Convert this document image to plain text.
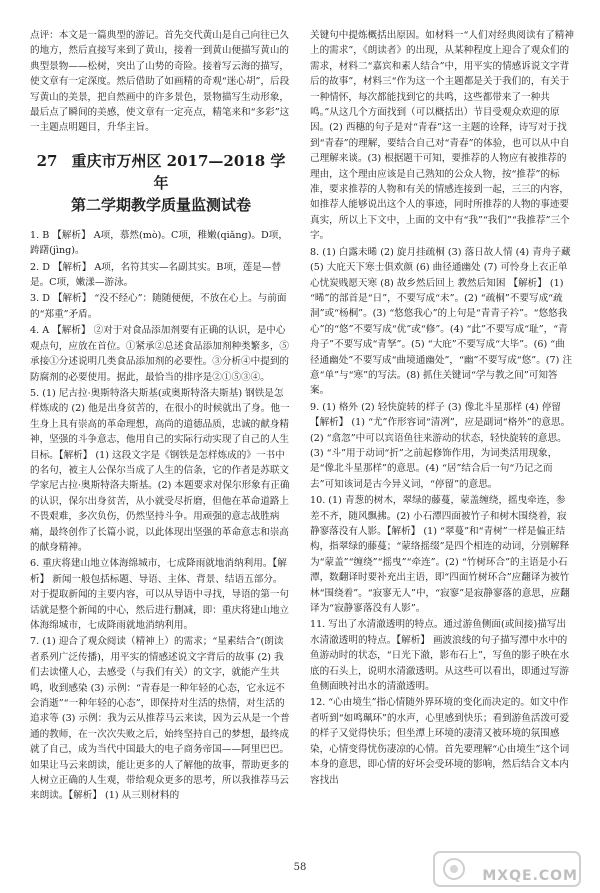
点评：本文是一篇典型的游记。首先交代黄山是自己向往已久的地方，然后直接写来到了黄山，接着一到黄山便描写黄山的典型景物——松树，突出了山势的奇险。接着写云海的描写，使文章有一定深度。然后借助了如画精的奇观“迷心胡”，后段写黄山的美景，把自然画中的许多景色，景物描写生动形象，最后点了瞬间的美感，使文章有一定亮点，精笔来和“多彩”这一主题点明题目，升华主旨。

27 重庆市万州区 2017—2018 学年
第二学期教学质量监测试卷
1. B 【解析】 A项，慕然(mò)。C项，稚嫩(qiǎng)。D项，踌躇(jìng)。
2. D 【解析】 A项，名符其实—名副其实。B项，莲是—替是。C项，嫩漾—游泳。
3. D 【解析】 “没不经心”：随随便便，不放在心上。与前面的“郑重”矛盾。
4. A 【解析】 ②对于对食品添加剂要有正确的认识，是中心观点句，应放在首位。①紧承②总述食品添加剂种类繁多，⑤承接①分述说明几类食品添加剂的必要性。③分析④中提到的防腐剂的必要使用。据此，最恰当的排序是②①⑤③④。
5. (1) 尼古拉·奥斯特洛夫斯基(或奥斯特洛夫斯基) 钢铁是怎样炼成的 (2) 他是出身贫苦的，在很小的时候就出了身。他一生身上具有崇高的革命理想，高尚的道德品质，忠诚的献身精神，坚强的斗争意志，他用自己的实际行动实现了自己的人生目标。【解析】 (1) 这段文字是《钢铁是怎样炼成的》一书中的名句，被主人公保尔当成了人生的信条，它的作者是苏联文学家尼古拉·奥斯特洛夫斯基。(2) 本题要求对保尔形象有正确的认识，保尔出身贫苦，从小就受尽折磨，但他在革命道路上不畏艰难，多次负伤，仍然坚持斗争。用顽强的意志战胜病痛，最终创作了长篇小说，以此体现出坚强的革命意志和崇高的献身精神。
6. 重庆将建山地立体海绵城市，七成降雨就地消纳利用。【解析】 新闻一般包括标题、导语、主体、背景、结语五部分。对于提取新闻的主要内容，可以从导语中寻找，导语的第一句话就是整个新闻的中心，然后进行删减，即：重庆将建山地立体海绵城市，七成降雨就地消纳利用。
7. (1) 迎合了观众阅读（精神上）的需求；“星素结合”(朗读者系列广泛传播)，用平实的情感述说文字背后的故事 (2) 我们去读懂人心，去感受（与我们有关）的文字，就能产生共鸣，收到感染 (3) 示例：“青春是一种年轻的心态，它永远不会消逝”“一种年轻的心态”，即保持对生活的热情，对生活的追求等 (3) 示例：我为云从推荐马云来读，因为云从是一个普通的教师，在一次次失败之后，始终坚持自己的梦想，最终成就了自己，成为当代中国最大的电子商务帝国——阿里巴巴。如果让马云来朗读，能让更多的人了解他的故事，帮助更多的人树立正确的人生观，带给观众更多的思考，所以我推荐马云来朗读。【解析】 (1) 从三则材料的
关键句中提炼概括出原因。如材料一“人们对经典阅读有了精神上的需求”，《朗读者》的出现，从某种程度上迎合了观众们的需求，材料二“嘉宾和素人结合”中，用平实的情感诉说文字背后的故事”，材料三“作为这一个主题都是关于我们的，有关于一种情怀，每次都能找到它的共鸣，这些都带来了一种共鸣。”从这几个方面找到（可以概括出）节目受观众欢迎的原因。(2) 西穗的句子是对“青春”这一主题的诠释，诗写对于找到“青春”的理解，要结合自己对“青春”的体验，也可以从中自己理解来谈。(3) 根据题干可知，要推荐的人物应有被推荐的理由，这个理由应该是自己熟知的公众人物，按“推荐”的标准，要求推荐的人物和有关的情感连接到一起，三三的内容，如推荐人能够说出这个人的事迹，同时所推荐的人物的事迹要真实，所以上下文中，上面的文中有“我”“我们”“我推荐”三个字。
8. (1) 白露未晞 (2) 旋月挂疏桐 (3) 落日故人情 (4) 青舟子藏 (5) 大庇天下寒士俱欢颜 (6) 曲径通幽处 (7) 可怜身上衣正单 心忧炭贱愿天寒 (8) 故乡然后回上 教然后知困 【解析】 (1) “晞”的部首是“日”，不要写成“未”。(2) “疏桐”不要写成“疏洞”或“杨桐”。(3) “悠悠我心”的上句是“青青子衿”。“悠悠我心”的“悠”不要写成“优”或“修”。(4) “此”不要写成“耻”，“青舟子”不要写成“青孥”。(5) “大庇”不要写成“大毕”。(6) “曲径通幽处”不要写成“曲境通幽处”，“幽”不要写成“悠”。(7) 注意“单”与“寒”的写法。(8) 抓住关键词“学与教之间”可知答案。
9. (1) 格外 (2) 轻快旋转的样子 (3) 像北斗星那样 (4) 停留 【解析】 (1) “尤”作形容词“清冽”，应是副词“格外”的意思。(2) “翕忽”中可以宾语鱼往来游动的状态，轻快旋转的意思。(3) “斗”用于动词“折”之前起修饰作用，为词类活用现象，是“像北斗星那样”的意思。(4) “居”结合后一句“乃记之而去”可知该词是古今异义词，“停留”的意思。
10. (1) 青葱的树木，翠绿的藤蔓，蒙盖缠绕，摇曳牵连，参差不齐，随风飘拂。(2) 小石潭四面被竹子和树木围绕着，寂静寥落没有人影。【解析】 (1) “翠蔓”和“青树”一样是偏正结构，指翠绿的藤蔓；“蒙络摇缀”是四个相连的动词，分别解释为“蒙盖”“缠绕”“摇曳”“牵连”。(2) “竹树环合”的主语是小石潭，数翻译时要补充出主语，即“四面竹树环合”应翻译为被竹林“围绕着”。“寂寥无人”中，“寂寥”是寂静寥落的意思，应翻译为“寂静寥落没有人影”。
11. 写出了水清澈透明的特点。通过游鱼侧面(或间接)描写出水清澈透明的特点。【解析】 画波浪线的句子描写潭中水中的鱼游动时的状态，“日光下澈，影布石上”，写鱼的影子映在水底的石头上，说明水清澈透明。从这些可以看出，即通过写游鱼侧面映衬出水的清澈透明。
12. “心由境生”指心情随外界环境的变化而决定的。如文中作者听到“如鸣珮环”的水声，心里感到快乐；看到游鱼活泼可爱的样子又觉得快乐；但坐潭上环境的凄清又被环境的氛围感染，心情变得忧伤凄凉的心情。首先要理解“心由境生”这个词本身的意思，即心情的好坏会受环境的影响，然后结合文本内容找出
58
MXQE.COM
